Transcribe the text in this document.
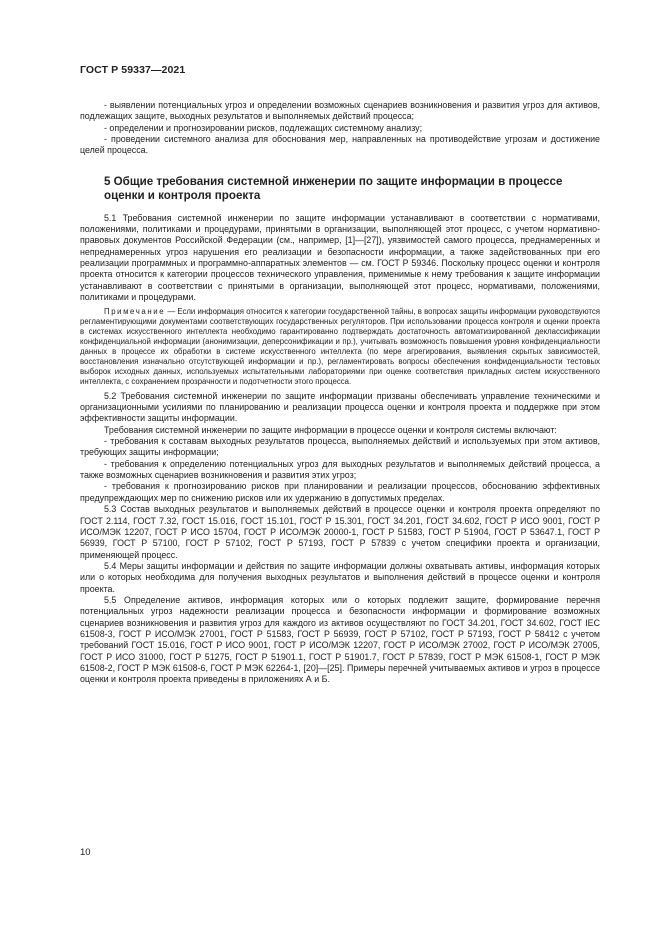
ГОСТ Р 59337—2021

- выявлении потенциальных угроз и определении возможных сценариев возникновения и развития угроз для активов, подлежащих защите, выходных результатов и выполняемых действий процесса;

- определении и прогнозировании рисков, подлежащих системному анализу;

- проведении системного анализа для обоснования мер, направленных на противодействие угрозам и достижение целей процесса.

5 Общие требования системной инженерии по защите информации в процессе оценки и контроля проекта

5.1 Требования системной инженерии по защите информации устанавливают в соответствии с нормативами, положениями, политиками и процедурами, принятыми в организации, выполняющей этот процесс, с учетом нормативно-правовых документов Российской Федерации (см., например, [1]—[27]), уязвимостей самого процесса, преднамеренных и непреднамеренных угроз нарушения его реализации и безопасности информации, а также задействованных при его реализации программных и программно-аппаратных элементов — см. ГОСТ Р 59346. Поскольку процесс оценки и контроля проекта относится к категории процессов технического управления, применимые к нему требования к защите информации устанавливают в соответствии с принятыми в организации, выполняющей этот процесс, нормативами, положениями, политиками и процедурами.

Примечание — Если информация относится к категории государственной тайны, в вопросах защиты информации руководствуются регламентирующими документами соответствующих государственных регуляторов. При использовании процесса контроля и оценки проекта в системах искусственного интеллекта необходимо гарантированно подтверждать достаточность автоматизированной деклассификации конфиденциальной информации (анонимизации, деперсонификации и пр.), учитывать возможность повышения уровня конфиденциальности данных в процессе их обработки в системе искусственного интеллекта (по мере агрегирования, выявления скрытых зависимостей, восстановления изначально отсутствующей информации и пр.), регламентировать вопросы обеспечения конфиденциальности тестовых выборок исходных данных, используемых испытательными лабораториями при оценке соответствия прикладных систем искусственного интеллекта, с сохранением прозрачности и подотчетности этого процесса.

5.2 Требования системной инженерии по защите информации призваны обеспечивать управление техническими и организационными усилиями по планированию и реализации процесса оценки и контроля проекта и поддержке при этом эффективности защиты информации.

Требования системной инженерии по защите информации в процессе оценки и контроля системы включают:

- требования к составам выходных результатов процесса, выполняемых действий и используемых при этом активов, требующих защиты информации;

- требования к определению потенциальных угроз для выходных результатов и выполняемых действий процесса, а также возможных сценариев возникновения и развития этих угроз;

- требования к прогнозированию рисков при планировании и реализации процессов, обоснованию эффективных предупреждающих мер по снижению рисков или их удержанию в допустимых пределах.

5.3 Состав выходных результатов и выполняемых действий в процессе оценки и контроля проекта определяют по ГОСТ 2.114, ГОСТ 7.32, ГОСТ 15.016, ГОСТ 15.101, ГОСТ Р 15.301, ГОСТ 34.201, ГОСТ 34.602, ГОСТ Р ИСО 9001, ГОСТ Р ИСО/МЭК 12207, ГОСТ Р ИСО 15704, ГОСТ Р ИСО/МЭК 20000-1, ГОСТ Р 51583, ГОСТ Р 51904, ГОСТ Р 53647.1, ГОСТ Р 56939, ГОСТ Р 57100, ГОСТ Р 57102, ГОСТ Р 57193, ГОСТ Р 57839 с учетом специфики проекта и организации, применяющей процесс.

5.4 Меры защиты информации и действия по защите информации должны охватывать активы, информация которых или о которых необходима для получения выходных результатов и выполнения действий в процессе оценки и контроля проекта.

5.5 Определение активов, информация которых или о которых подлежит защите, формирование перечня потенциальных угроз надежности реализации процесса и безопасности информации и формирование возможных сценариев возникновения и развития угроз для каждого из активов осуществляют по ГОСТ 34.201, ГОСТ 34.602, ГОСТ IEC 61508-3, ГОСТ Р ИСО/МЭК 27001, ГОСТ Р 51583, ГОСТ Р 56939, ГОСТ Р 57102, ГОСТ Р 57193, ГОСТ Р 58412 с учетом требований ГОСТ 15.016, ГОСТ Р ИСО 9001, ГОСТ Р ИСО/МЭК 12207, ГОСТ Р ИСО/МЭК 27002, ГОСТ Р ИСО/МЭК 27005, ГОСТ Р ИСО 31000, ГОСТ Р 51275, ГОСТ Р 51901.1, ГОСТ Р 51901.7, ГОСТ Р 57839, ГОСТ Р МЭК 61508-1, ГОСТ Р МЭК 61508-2, ГОСТ Р МЭК 61508-6, ГОСТ Р МЭК 62264-1, [20]—[25]. Примеры перечней учитываемых активов и угроз в процессе оценки и контроля проекта приведены в приложениях А и Б.

10
